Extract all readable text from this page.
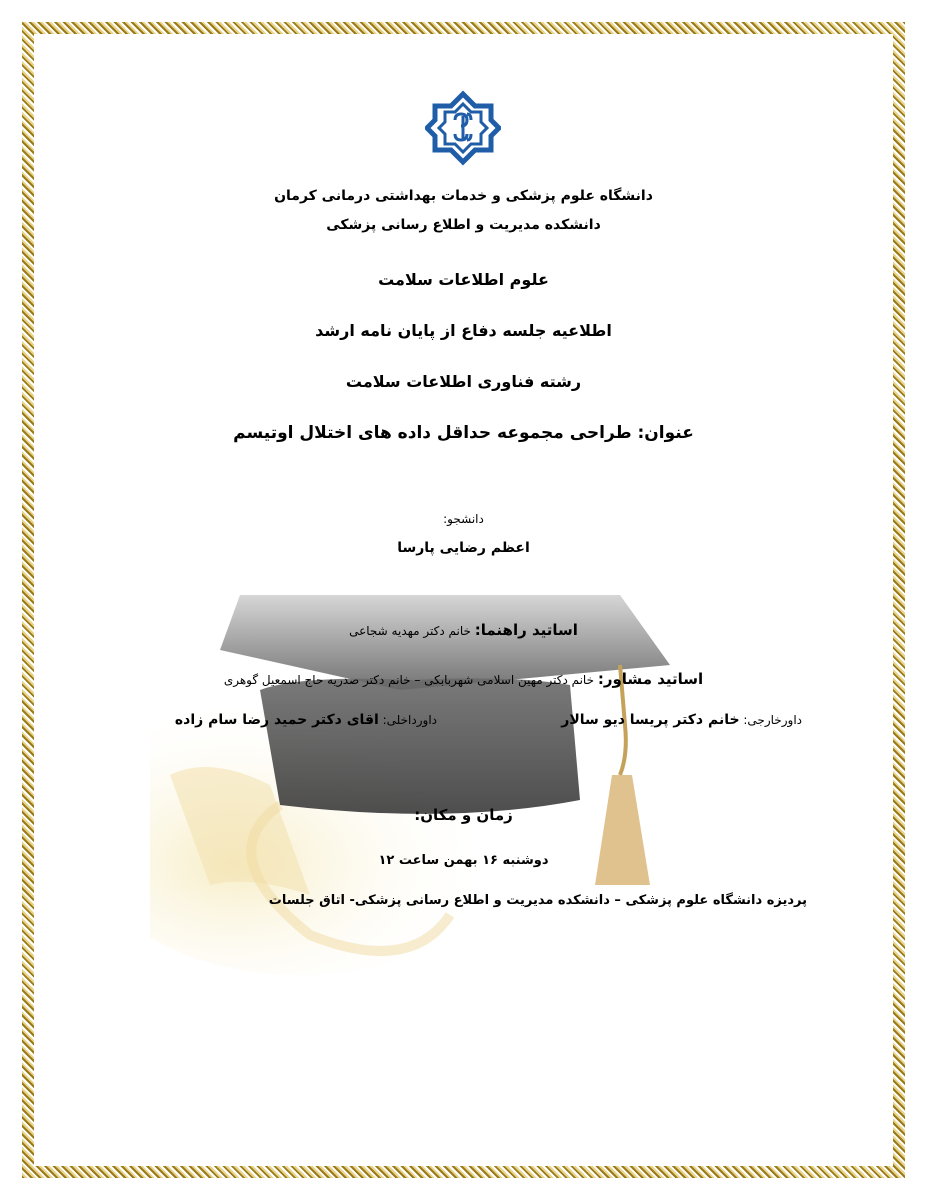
دانشگاه علوم پزشکی و خدمات بهداشتی درمانی کرمان
دانشکده مدیریت و اطلاع رسانی پزشکی
علوم اطلاعات سلامت
اطلاعیه جلسه دفاع از پایان نامه ارشد
رشته فناوری اطلاعات سلامت
عنوان: طراحی مجموعه حداقل داده های اختلال اوتیسم
دانشجو:
اعظم رضایی پارسا
اساتید راهنما: خانم دکتر مهدیه شجاعی
اساتید مشاور: خانم دکتر مهین اسلامی شهربابکی – خانم دکتر صدریه حاج اسمعیل گوهری
داورخارجی: خانم دکتر پریسا دیو سالار
داورداخلی: اقای دکتر حمید رضا سام زاده
زمان و مکان:
دوشنبه ۱۶ بهمن ساعت ۱۲
پردیزه دانشگاه علوم پزشکی – دانشکده مدیریت و اطلاع رسانی پزشکی- اتاق جلسات
